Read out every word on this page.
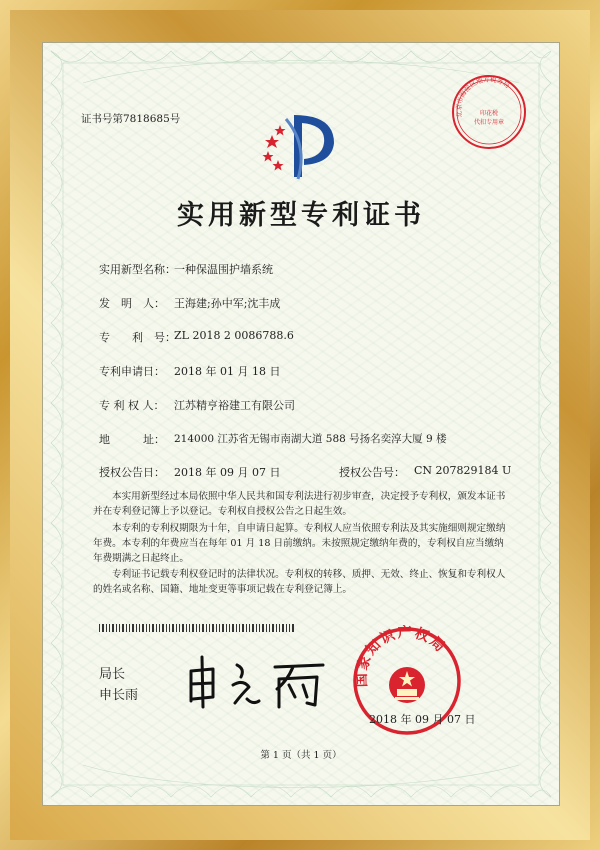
证书号第7818685号	北京市海淀区地方税务局
印花税
代扣专用章
实用新型专利证书
实用新型名称：
一种保温围护墙系统
发　明　人： 王海建;孙中军;沈丰成
专　　利　号：
ZL 2018 2 0086788.6
专利申请日： 2018 年 01 月 18 日
专 利 权 人： 江苏精亨裕建工有限公司
地　　　址： 214000 江苏省无锡市南湖大道 588 号扬名奕淳大厦 9 楼
授权公告日： 2018 年 09 月 07 日	授权公告号： CN 207829184 U
本实用新型经过本局依照中华人民共和国专利法进行初步审查，决定授予专利权，颁发本证书并在专利登记簿上予以登记。专利权自授权公告之日起生效。
本专利的专利权期限为十年，自申请日起算。专利权人应当依照专利法及其实施细则规定缴纳年费。本专利的年费应当在每年 01 月 18 日前缴纳。未按照规定缴纳年费的，专利权自应当缴纳年费期满之日起终止。
专利证书记载专利权登记时的法律状况。专利权的转移、质押、无效、终止、恢复和专利权人的姓名或名称、国籍、地址变更等事项记载在专利登记簿上。
局长
申长雨
国家知识产权局
2018 年 09 月 07 日
第 1 页（共 1 页）
